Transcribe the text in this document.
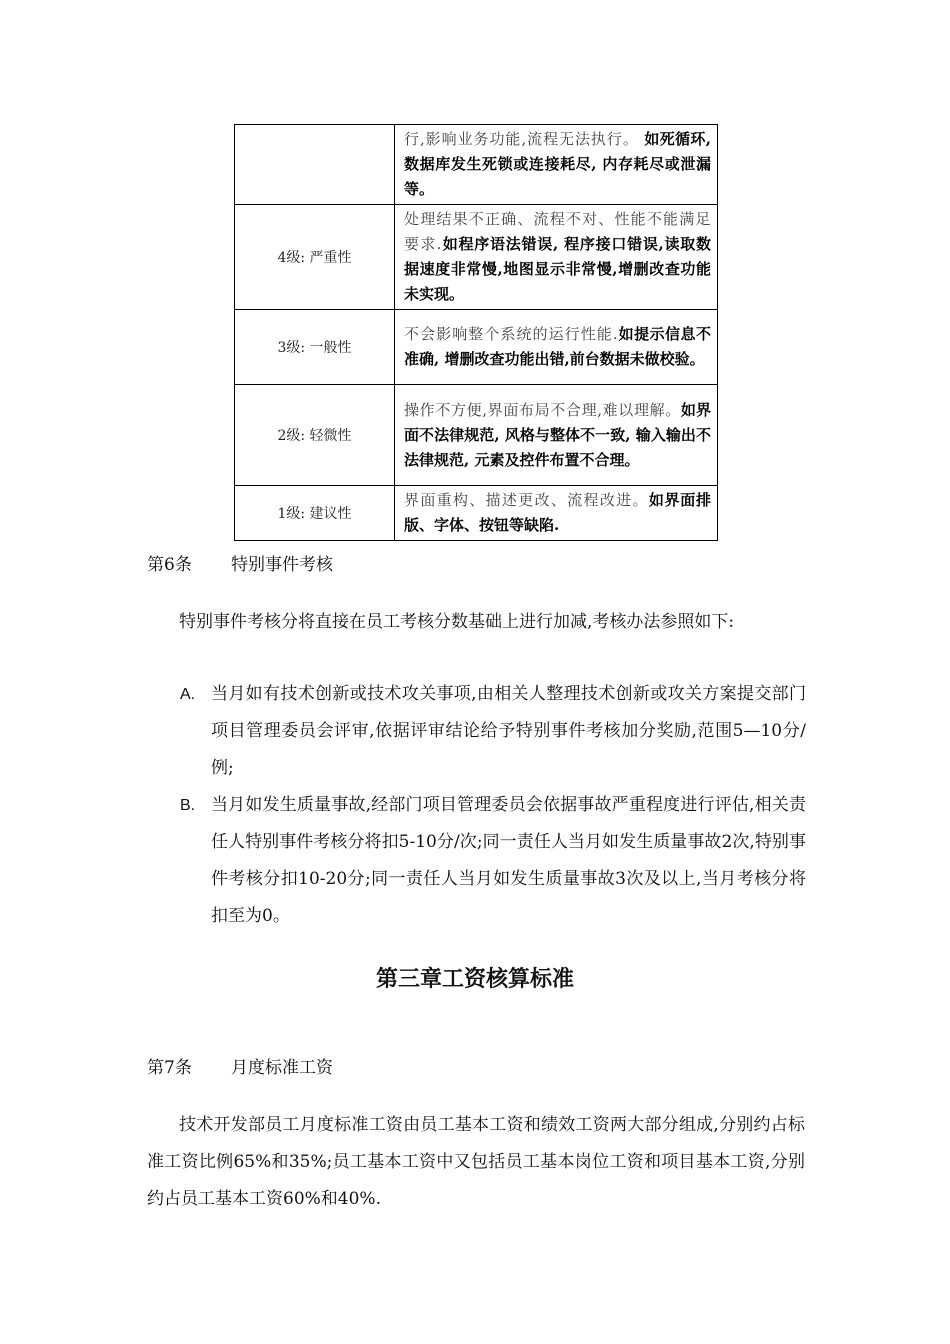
	行,影响业务功能,流程无法执行。 如死循环,数据库发生死锁或连接耗尽, 内存耗尽或泄漏等。
4级: 严重性	处理结果不正确、流程不对、性能不能满足要求.如程序语法错误, 程序接口错误,读取数据速度非常慢,地图显示非常慢,增删改查功能未实现。
3级: 一般性	不会影响整个系统的运行性能.如提示信息不准确, 增删改查功能出错,前台数据未做校验。
2级: 轻微性	操作不方便,界面布局不合理,难以理解。如界面不法律规范, 风格与整体不一致, 输入输出不法律规范, 元素及控件布置不合理。
1级: 建议性	界面重构、描述更改、流程改进。如界面排版、字体、按钮等缺陷.
第6条 特别事件考核
特别事件考核分将直接在员工考核分数基础上进行加减,考核办法参照如下:
A. 当月如有技术创新或技术攻关事项,由相关人整理技术创新或攻关方案提交部门项目管理委员会评审,依据评审结论给予特别事件考核加分奖励,范围5—10分/例;
B. 当月如发生质量事故,经部门项目管理委员会依据事故严重程度进行评估,相关责任人特别事件考核分将扣5-10分/次;同一责任人当月如发生质量事故2次,特别事件考核分扣10-20分;同一责任人当月如发生质量事故3次及以上,当月考核分将扣至为0。
第三章工资核算标准
第7条 月度标准工资
技术开发部员工月度标准工资由员工基本工资和绩效工资两大部分组成,分别约占标准工资比例65%和35%;员工基本工资中又包括员工基本岗位工资和项目基本工资,分别约占员工基本工资60%和40%.
